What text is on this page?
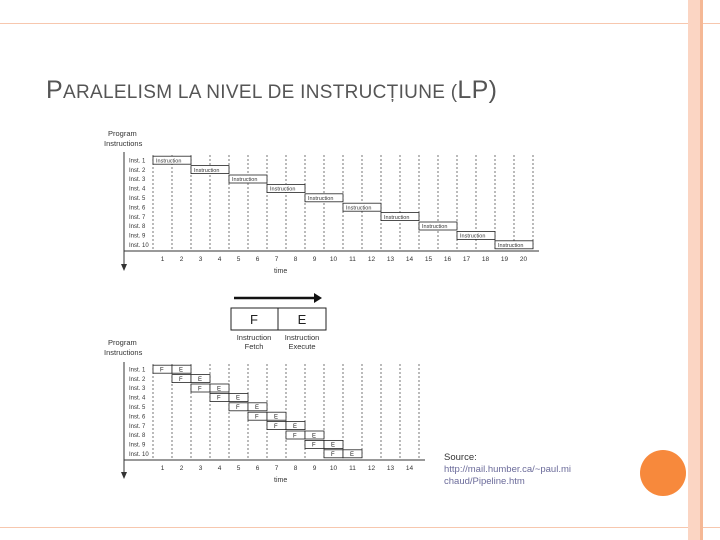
PARALELISM LA NIVEL DE INSTRUCȚIUNE (LP)
Program
Instructions
time
1 2 3 4 5 6 7 8 9 10 11 12 13 14 15 16 17 18 19 20
Inst. 1 Instruction
Inst. 2	Instruction
Inst. 3	Instruction
Inst. 4	Instruction
Inst. 5	Instruction
Inst. 6	Instruction
Inst. 7	Instruction
Inst. 8	Instruction
Inst. 9	Instruction
Inst. 10	Instruction
F	E
Instruction
Fetch
Instruction
Execute
Program
Instructions
time
1 2 3 4 5 6 7 8 9 10 11 12 13 14
Inst. 1 F	E
Inst. 2	F	E
Inst. 3	F	E
Inst. 4	F	E
Inst. 5	F	E
Inst. 6	F	E
Inst. 7	F	E
Inst. 8	F	E
Inst. 9	F	E
Inst. 10	F	E	Source:
http://mail.humber.ca/~paul.mi
chaud/Pipeline.htm
